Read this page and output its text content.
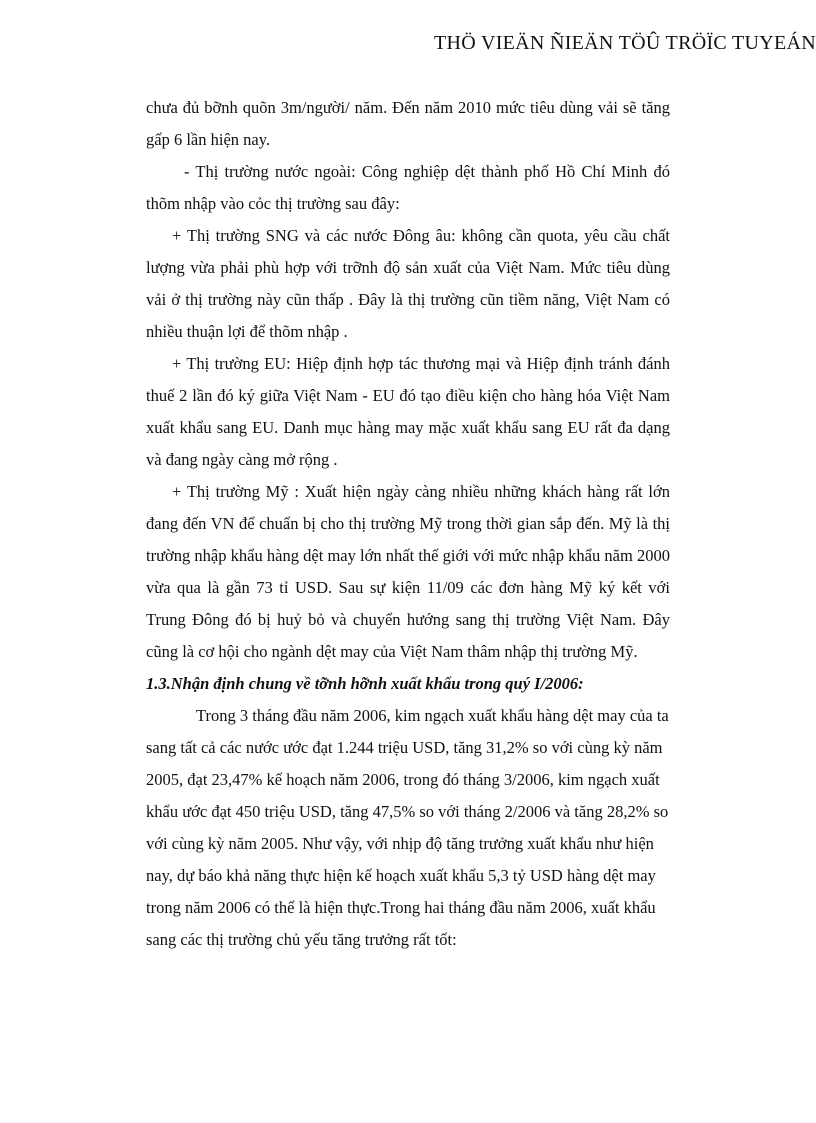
THÖ VIEÄN ÑIEÄN TÖÛ TRÖÏC TUYEÁN

chưa đủ bỡnh quõn 3m/người/ năm. Đến năm 2010 mức tiêu dùng vải sẽ tăng gấp 6 lần hiện nay.

- Thị trường nước ngoài: Công nghiệp dệt thành phố Hồ Chí Minh đó thõm nhập vào cỏc thị trường sau đây:

+ Thị trường SNG và các nước Đông âu: không cần quota, yêu cầu chất lượng vừa phải phù hợp với trỡnh độ sản xuất của Việt Nam. Mức tiêu dùng vải ở thị trường này cũn thấp . Đây là thị trường cũn tiềm năng, Việt Nam có nhiều thuận lợi để thõm nhập .

+ Thị trường EU: Hiệp định hợp tác thương mại và Hiệp định tránh đánh thuế 2 lần đó ký giữa Việt Nam - EU đó tạo điều kiện cho hàng hóa Việt Nam xuất khẩu sang EU. Danh mục hàng may mặc xuất khẩu sang EU rất đa dạng và đang ngày càng mở rộng .

+ Thị trường Mỹ : Xuất hiện ngày càng nhiều những khách hàng rất lớn đang đến VN để chuẩn bị cho thị trường Mỹ trong thời gian sắp đến. Mỹ là thị trường nhập khẩu hàng dệt may lớn nhất thế giới với mức nhập khẩu năm 2000 vừa qua là gần 73 tỉ USD. Sau sự kiện 11/09 các đơn hàng Mỹ ký kết với Trung Đông đó bị huỷ bỏ và chuyển hướng sang thị trường Việt Nam. Đây cũng là cơ hội cho ngành dệt may của Việt Nam thâm nhập thị trường Mỹ.

1.3.Nhận định chung về tỡnh hỡnh xuất khẩu trong quý I/2006:

Trong 3 tháng đầu năm 2006, kim ngạch xuất khẩu hàng dệt may của ta sang tất cả các nước ước đạt 1.244 triệu USD, tăng 31,2% so với cùng kỳ năm 2005, đạt 23,47% kế hoạch năm 2006, trong đó tháng 3/2006, kim ngạch xuất khẩu ước đạt 450 triệu USD, tăng 47,5% so với tháng 2/2006 và tăng 28,2% so với cùng kỳ năm 2005. Như vậy, với nhịp độ tăng trưởng xuất khẩu như hiện nay, dự báo khả năng thực hiện kế hoạch xuất khẩu 5,3 tỷ USD hàng dệt may trong năm 2006 có thể là hiện thực.Trong hai tháng đầu năm 2006, xuất khẩu sang các thị trường chủ yếu tăng trưởng rất tốt:
